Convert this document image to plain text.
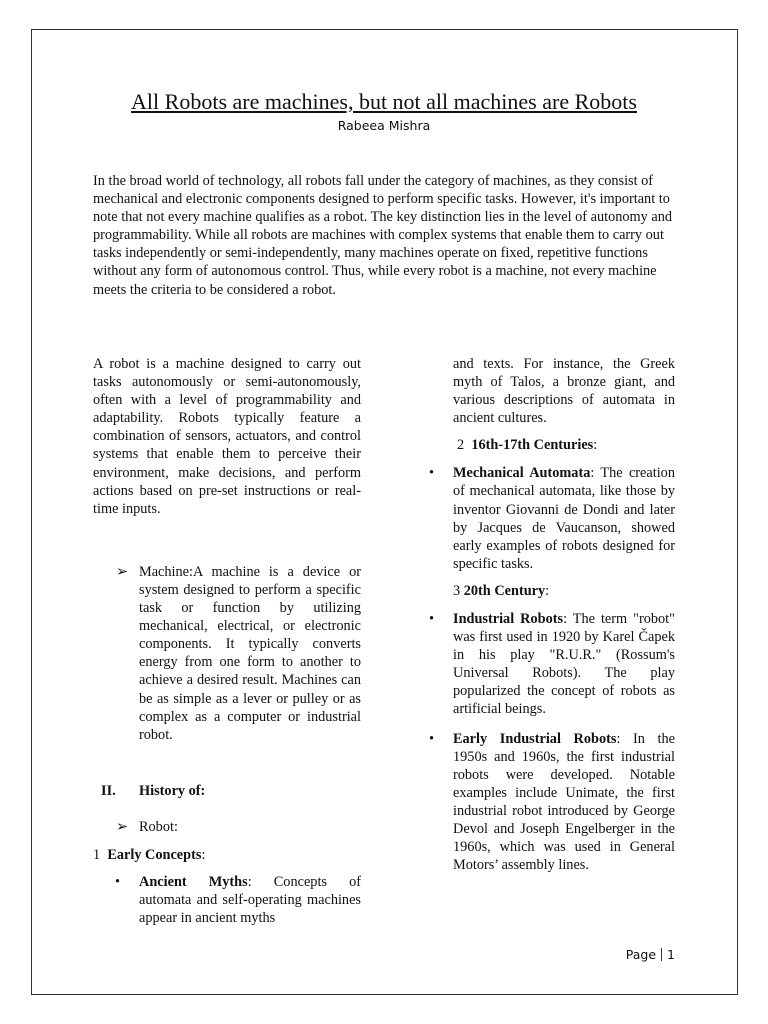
All Robots are machines, but not all machines are Robots
Rabeea Mishra

In the broad world of technology, all robots fall under the category of machines, as they consist of mechanical and electronic components designed to perform specific tasks. However, it's important to note that not every machine qualifies as a robot. The key distinction lies in the level of autonomy and programmability. While all robots are machines with complex systems that enable them to carry out tasks independently or semi-independently, many machines operate on fixed, repetitive functions without any form of autonomous control. Thus, while every robot is a machine, not every machine meets the criteria to be considered a robot.

A robot is a machine designed to carry out tasks autonomously or semi-autonomously, often with a level of programmability and adaptability. Robots typically feature a combination of sensors, actuators, and control systems that enable them to perceive their environment, make decisions, and perform actions based on pre-set instructions or real-time inputs.

➢ Machine:A machine is a device or system designed to perform a specific task or function by utilizing mechanical, electrical, or electronic components. It typically converts energy from one form to another to achieve a desired result. Machines can be as simple as a lever or pulley or as complex as a computer or industrial robot.

II. History of:
➢ Robot:
1 Early Concepts:
• Ancient Myths: Concepts of automata and self-operating machines appear in ancient myths

and texts. For instance, the Greek myth of Talos, a bronze giant, and various descriptions of automata in ancient cultures.

2 16th-17th Centuries:
• Mechanical Automata: The creation of mechanical automata, like those by inventor Giovanni de Dondi and later by Jacques de Vaucanson, showed early examples of robots designed for specific tasks.

3 20th Century:
• Industrial Robots: The term "robot" was first used in 1920 by Karel Čapek in his play "R.U.R." (Rossum's Universal Robots). The play popularized the concept of robots as artificial beings.

• Early Industrial Robots: In the 1950s and 1960s, the first industrial robots were developed. Notable examples include Unimate, the first industrial robot introduced by George Devol and Joseph Engelberger in the 1960s, which was used in General Motors’ assembly lines.

Page 1
